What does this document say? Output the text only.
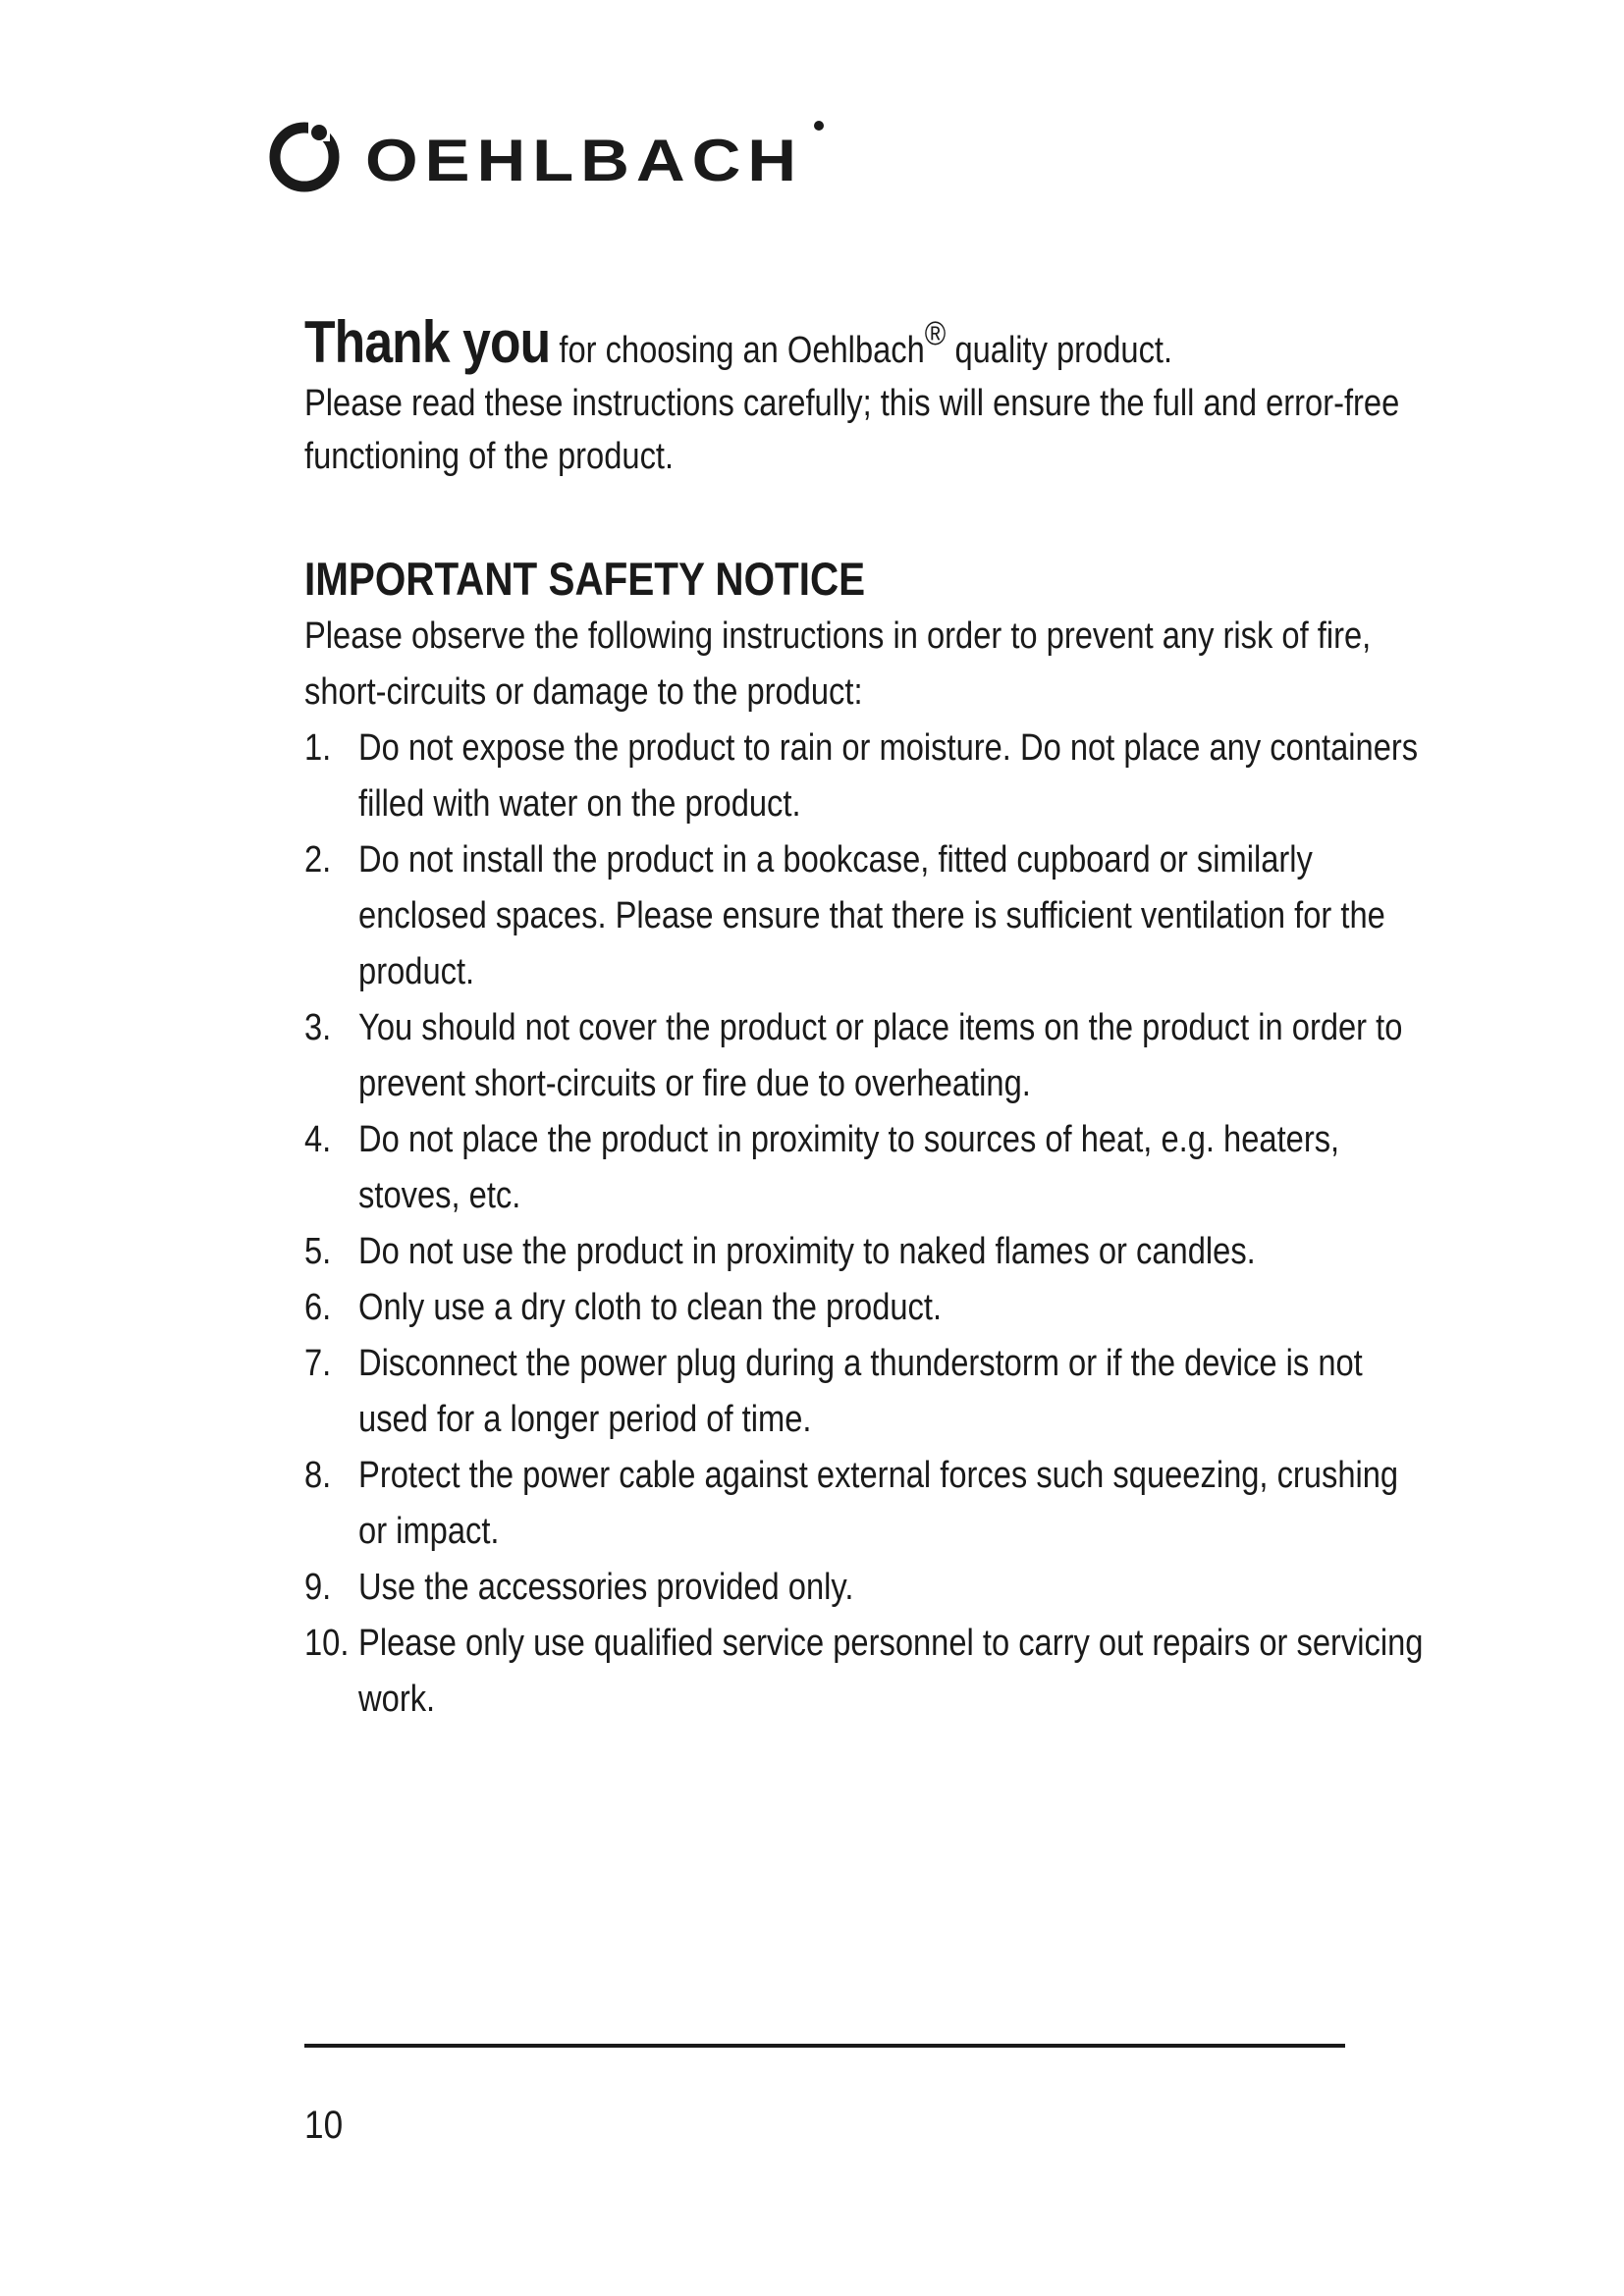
OEHLBACH

Thank you for choosing an Oehlbach® quality product.
Please read these instructions carefully; this will ensure the full and error-free functioning of the product.

IMPORTANT SAFETY NOTICE

Please observe the following instructions in order to prevent any risk of fire, short-circuits or damage to the product:

1. Do not expose the product to rain or moisture. Do not place any containers filled with water on the product.
2. Do not install the product in a bookcase, fitted cupboard or similarly enclosed spaces. Please ensure that there is sufficient ventilation for the product.
3. You should not cover the product or place items on the product in order to prevent short-circuits or fire due to overheating.
4. Do not place the product in proximity to sources of heat, e.g. heaters, stoves, etc.
5. Do not use the product in proximity to naked flames or candles.
6. Only use a dry cloth to clean the product.
7. Disconnect the power plug during a thunderstorm or if the device is not used for a longer period of time.
8. Protect the power cable against external forces such squeezing, crushing or impact.
9. Use the accessories provided only.
10. Please only use qualified service personnel to carry out repairs or servicing work.
10
